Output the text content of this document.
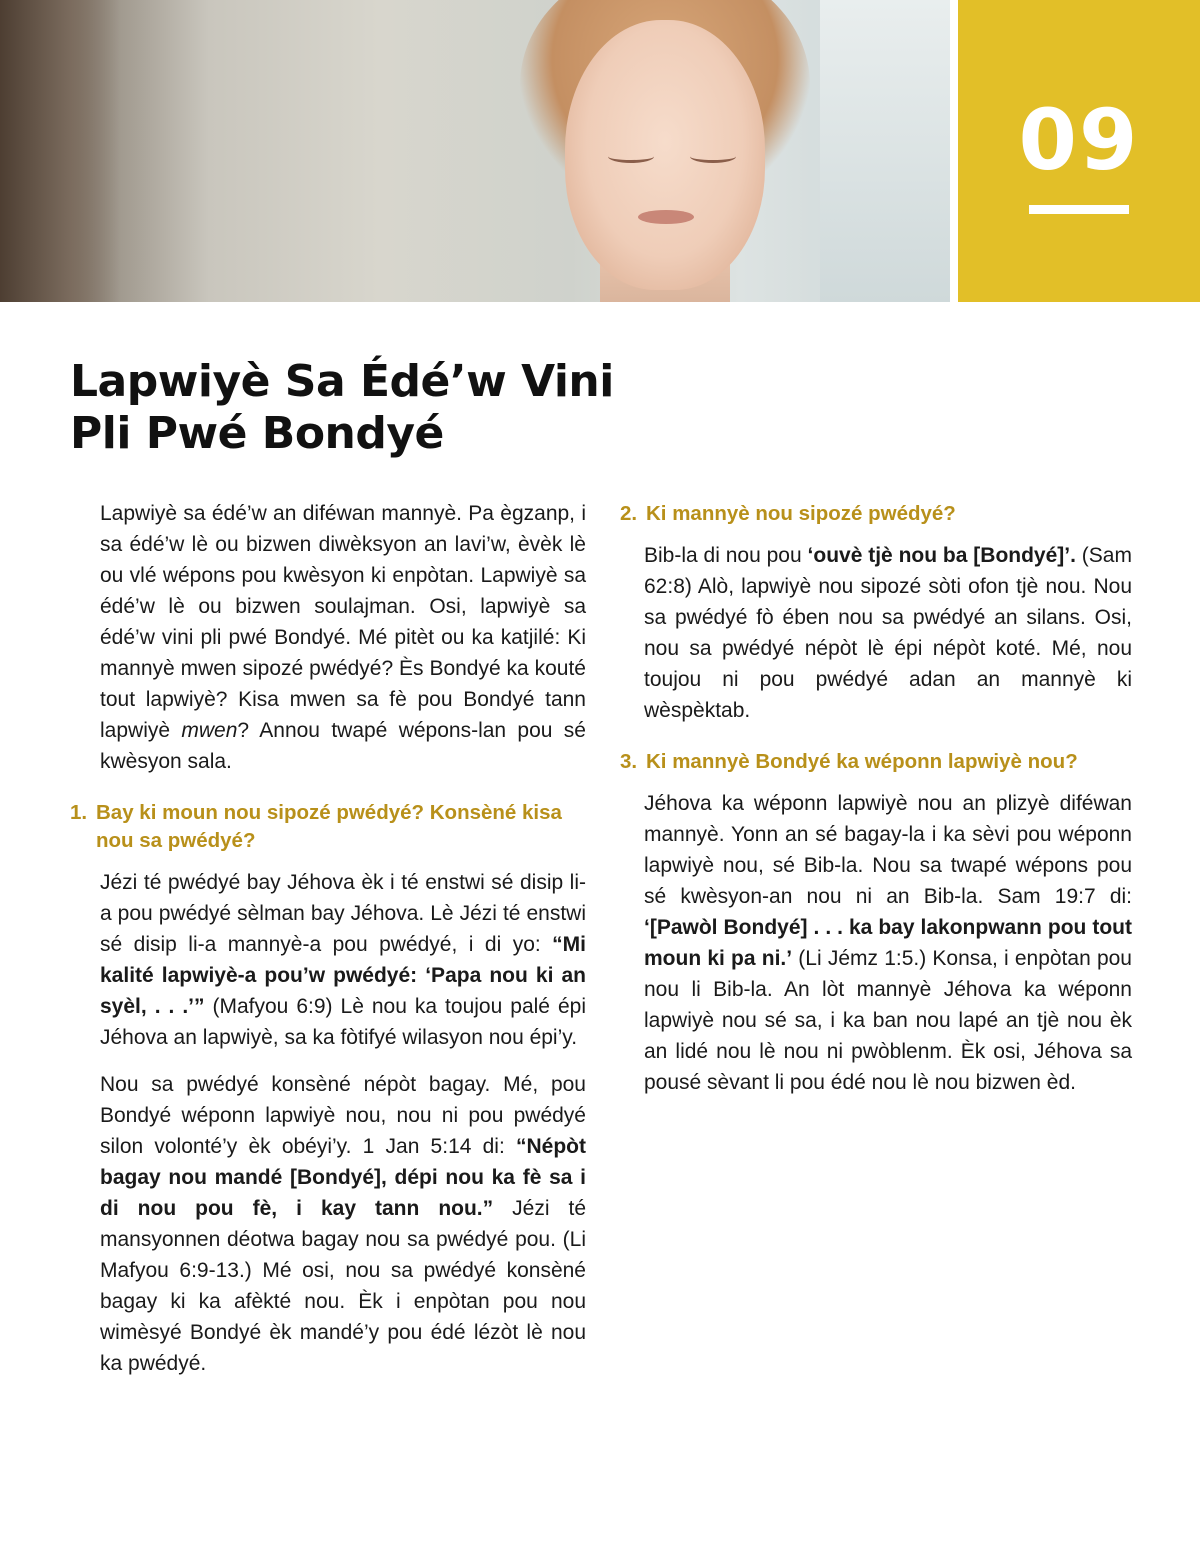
09
Lapwiyè Sa Édé’w Vini
Pli Pwé Bondyé

Lapwiyè sa édé’w an diféwan mannyè. Pa ègzanp, i sa édé’w lè ou bizwen diwèksyon an lavi’w, èvèk lè ou vlé wépons pou kwèsyon ki enpòtan. Lapwiyè sa édé’w lè ou bizwen soulajman. Osi, lapwiyè sa édé’w vini pli pwé Bondyé. Mé pitèt ou ka katjilé: Ki mannyè mwen sipozé pwédyé? Ès Bondyé ka kouté tout lapwiyè? Kisa mwen sa fè pou Bondyé tann lapwiyè mwen? Annou twapé wépons-lan pou sé kwèsyon sala.

1. Bay ki moun nou sipozé pwédyé? Konsèné kisa nou sa pwédyé?

Jézi té pwédyé bay Jéhova èk i té enstwi sé disip li-a pou pwédyé sèlman bay Jéhova. Lè Jézi té enstwi sé disip li-a mannyè-a pou pwédyé, i di yo: “Mi kalité lapwiyè-a pou’w pwédyé: ‘Papa nou ki an syèl, . . .’” (Mafyou 6:9) Lè nou ka toujou palé épi Jéhova an lapwiyè, sa ka fòtifyé wilasyon nou épi’y.

Nou sa pwédyé konsèné népòt bagay. Mé, pou Bondyé wéponn lapwiyè nou, nou ni pou pwédyé silon volonté’y èk obéyi’y. 1 Jan 5:14 di: “Népòt bagay nou mandé [Bondyé], dépi nou ka fè sa i di nou pou fè, i kay tann nou.” Jézi té mansyonnen déotwa bagay nou sa pwédyé pou. (Li Mafyou 6:9-13.) Mé osi, nou sa pwédyé konsèné bagay ki ka afèkté nou. Èk i enpòtan pou nou wimèsyé Bondyé èk mandé’y pou édé lézòt lè nou ka pwédyé.

2. Ki mannyè nou sipozé pwédyé?

Bib-la di nou pou ‘ouvè tjè nou ba [Bondyé]’. (Sam 62:8) Alò, lapwiyè nou sipozé sòti ofon tjè nou. Nou sa pwédyé fò ében nou sa pwédyé an silans. Osi, nou sa pwédyé népòt lè épi népòt koté. Mé, nou toujou ni pou pwédyé adan an mannyè ki wèspèktab.

3. Ki mannyè Bondyé ka wéponn lapwiyè nou?

Jéhova ka wéponn lapwiyè nou an plizyè diféwan mannyè. Yonn an sé bagay-la i ka sèvi pou wéponn lapwiyè nou, sé Bib-la. Nou sa twapé wépons pou sé kwèsyon-an nou ni an Bib-la. Sam 19:7 di: ‘[Pawòl Bondyé] . . . ka bay lakonpwann pou tout moun ki pa ni.’ (Li Jémz 1:5.) Konsa, i enpòtan pou nou li Bib-la. An lòt mannyè Jéhova ka wéponn lapwiyè nou sé sa, i ka ban nou lapé an tjè nou èk an lidé nou lè nou ni pwòblenm. Èk osi, Jéhova sa pousé sèvant li pou édé nou lè nou bizwen èd.
